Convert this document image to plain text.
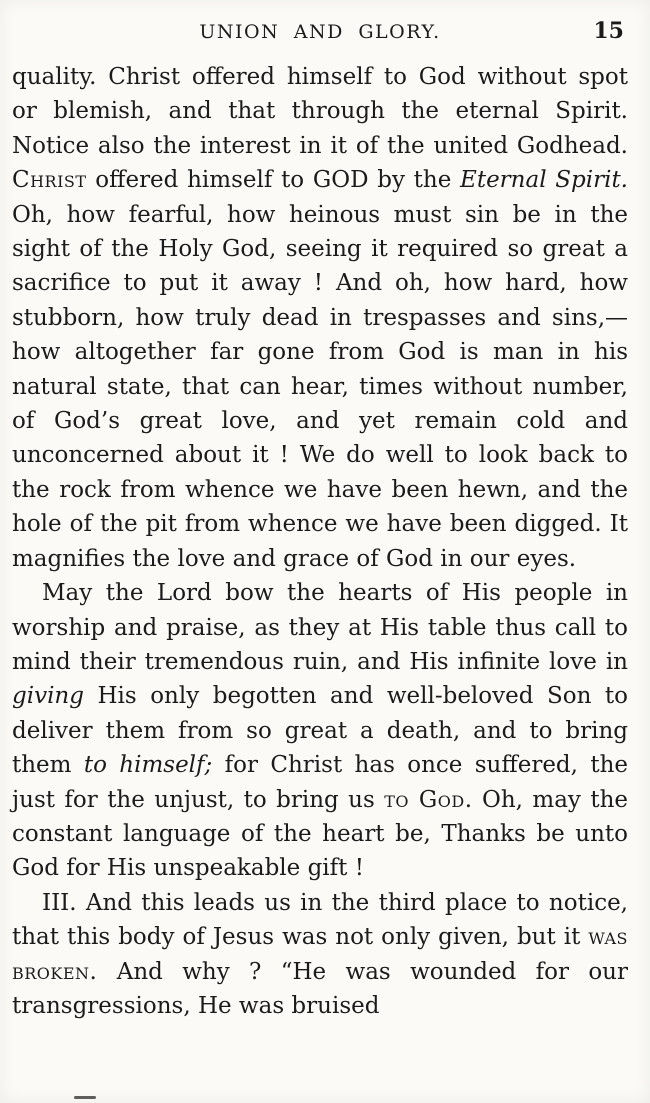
UNION AND GLORY.	15

quality. Christ offered himself to God without spot or blemish, and that through the eternal Spirit. Notice also the interest in it of the united Godhead. Christ offered himself to GOD by the Eternal Spirit. Oh, how fearful, how heinous must sin be in the sight of the Holy God, seeing it required so great a sacrifice to put it away ! And oh, how hard, how stubborn, how truly dead in trespasses and sins,—how altogether far gone from God is man in his natural state, that can hear, times without number, of God’s great love, and yet remain cold and unconcerned about it ! We do well to look back to the rock from whence we have been hewn, and the hole of the pit from whence we have been digged. It magnifies the love and grace of God in our eyes.

May the Lord bow the hearts of His people in worship and praise, as they at His table thus call to mind their tremendous ruin, and His infinite love in giving His only begotten and well-beloved Son to deliver them from so great a death, and to bring them to himself; for Christ has once suffered, the just for the unjust, to bring us to God. Oh, may the constant language of the heart be, Thanks be unto God for His unspeakable gift !

III. And this leads us in the third place to notice, that this body of Jesus was not only given, but it was broken. And why ? “He was wounded for our transgressions, He was bruised
